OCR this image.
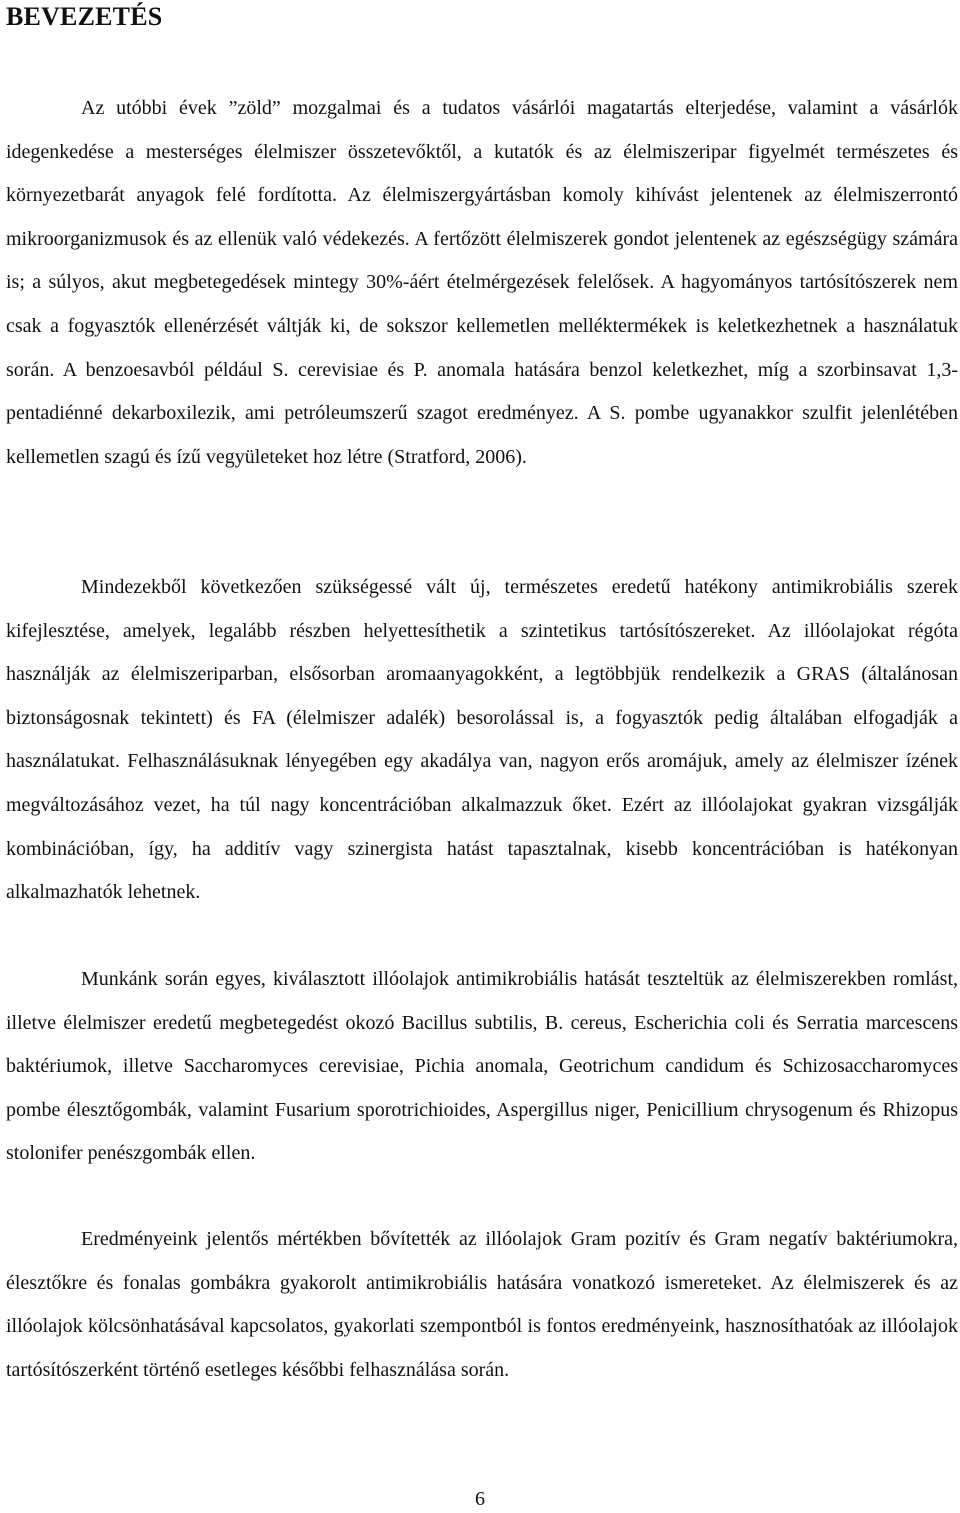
BEVEZETÉS

Az utóbbi évek ”zöld” mozgalmai és a tudatos vásárlói magatartás elterjedése, valamint a vásárlók idegenkedése a mesterséges élelmiszer összetevőktől, a kutatók és az élelmiszeripar figyelmét természetes és környezetbarát anyagok felé fordította. Az élelmiszergyártásban komoly kihívást jelentenek az élelmiszerrontó mikroorganizmusok és az ellenük való védekezés. A fertőzött élelmiszerek gondot jelentenek az egészségügy számára is; a súlyos, akut megbetegedések mintegy 30%-áért ételmérgezések felelősek. A hagyományos tartósítószerek nem csak a fogyasztók ellenérzését váltják ki, de sokszor kellemetlen melléktermékek is keletkezhetnek a használatuk során. A benzoesavból például S. cerevisiae és P. anomala hatására benzol keletkezhet, míg a szorbinsavat 1,3-pentadiénné dekarboxilezik, ami petróleumszerű szagot eredményez. A S. pombe ugyanakkor szulfit jelenlétében kellemetlen szagú és ízű vegyületeket hoz létre (Stratford, 2006).

Mindezekből következően szükségessé vált új, természetes eredetű hatékony antimikrobiális szerek kifejlesztése, amelyek, legalább részben helyettesíthetik a szintetikus tartósítószereket. Az illóolajokat régóta használják az élelmiszeriparban, elsősorban aromaanyagokként, a legtöbbjük rendelkezik a GRAS (általánosan biztonságosnak tekintett) és FA (élelmiszer adalék) besorolással is, a fogyasztók pedig általában elfogadják a használatukat. Felhasználásuknak lényegében egy akadálya van, nagyon erős aromájuk, amely az élelmiszer ízének megváltozásához vezet, ha túl nagy koncentrációban alkalmazzuk őket. Ezért az illóolajokat gyakran vizsgálják kombinációban, így, ha additív vagy szinergista hatást tapasztalnak, kisebb koncentrációban is hatékonyan alkalmazhatók lehetnek.

Munkánk során egyes, kiválasztott illóolajok antimikrobiális hatását teszteltük az élelmiszerekben romlást, illetve élelmiszer eredetű megbetegedést okozó Bacillus subtilis, B. cereus, Escherichia coli és Serratia marcescens baktériumok, illetve Saccharomyces cerevisiae, Pichia anomala, Geotrichum candidum és Schizosaccharomyces pombe élesztőgombák, valamint Fusarium sporotrichioides, Aspergillus niger, Penicillium chrysogenum és Rhizopus stolonifer penészgombák ellen.

Eredményeink jelentős mértékben bővítették az illóolajok Gram pozitív és Gram negatív baktériumokra, élesztőkre és fonalas gombákra gyakorolt antimikrobiális hatására vonatkozó ismereteket. Az élelmiszerek és az illóolajok kölcsönhatásával kapcsolatos, gyakorlati szempontból is fontos eredményeink, hasznosíthatóak az illóolajok tartósítószerként történő esetleges későbbi felhasználása során.

6
